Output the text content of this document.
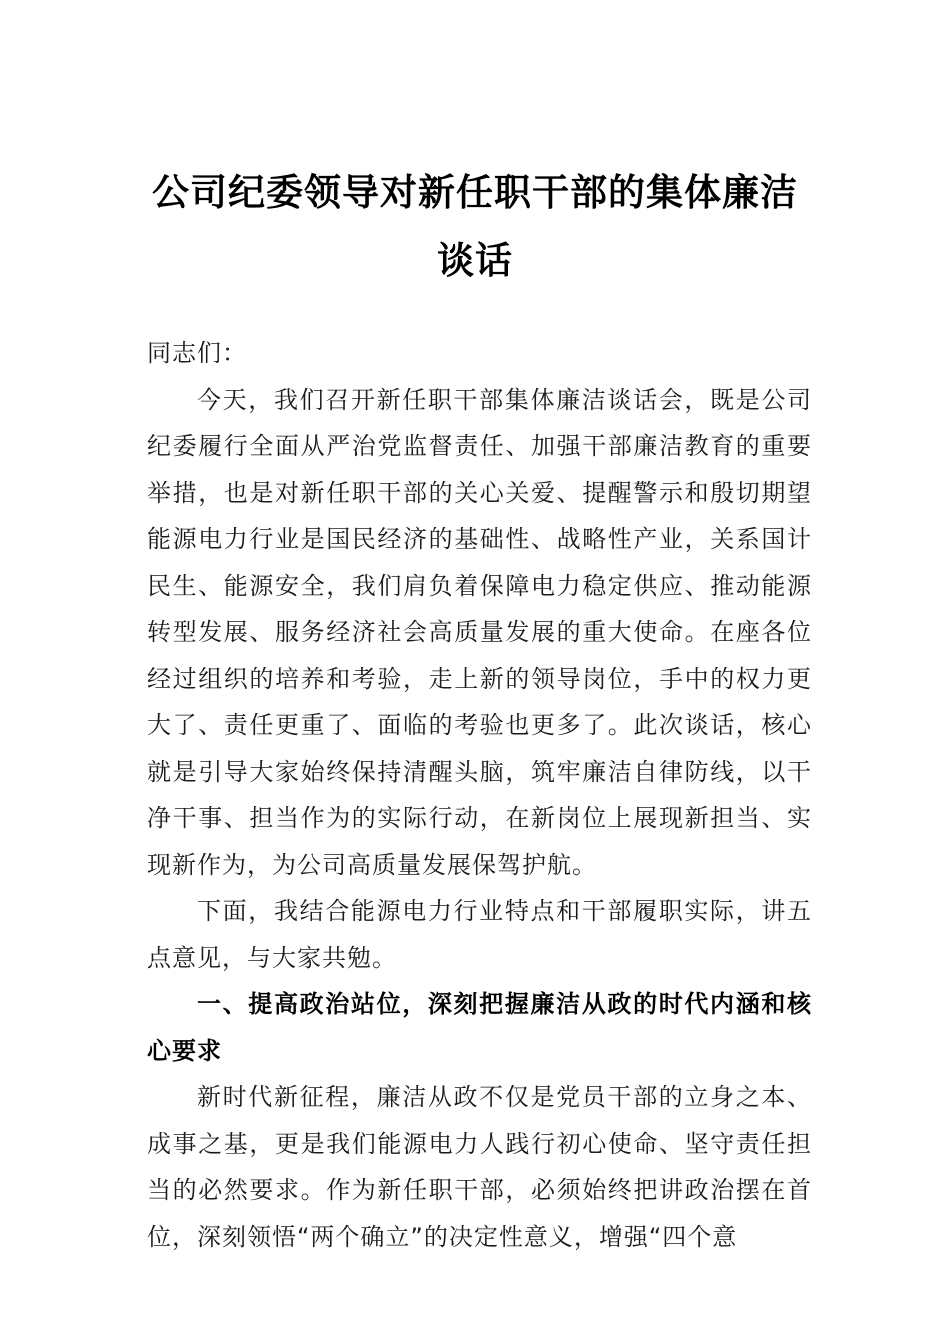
公司纪委领导对新任职干部的集体廉洁谈话

同志们：

今天，我们召开新任职干部集体廉洁谈话会，既是公司纪委履行全面从严治党监督责任、加强干部廉洁教育的重要举措，也是对新任职干部的关心关爱、提醒警示和殷切期望能源电力行业是国民经济的基础性、战略性产业，关系国计民生、能源安全，我们肩负着保障电力稳定供应、推动能源转型发展、服务经济社会高质量发展的重大使命。在座各位经过组织的培养和考验，走上新的领导岗位，手中的权力更大了、责任更重了、面临的考验也更多了。此次谈话，核心就是引导大家始终保持清醒头脑，筑牢廉洁自律防线，以干净干事、担当作为的实际行动，在新岗位上展现新担当、实现新作为，为公司高质量发展保驾护航。

下面，我结合能源电力行业特点和干部履职实际，讲五点意见，与大家共勉。

一、提高政治站位，深刻把握廉洁从政的时代内涵和核心要求

新时代新征程，廉洁从政不仅是党员干部的立身之本、成事之基，更是我们能源电力人践行初心使命、坚守责任担当的必然要求。作为新任职干部，必须始终把讲政治摆在首位，深刻领悟“两个确立”的决定性意义，增强“四个意
